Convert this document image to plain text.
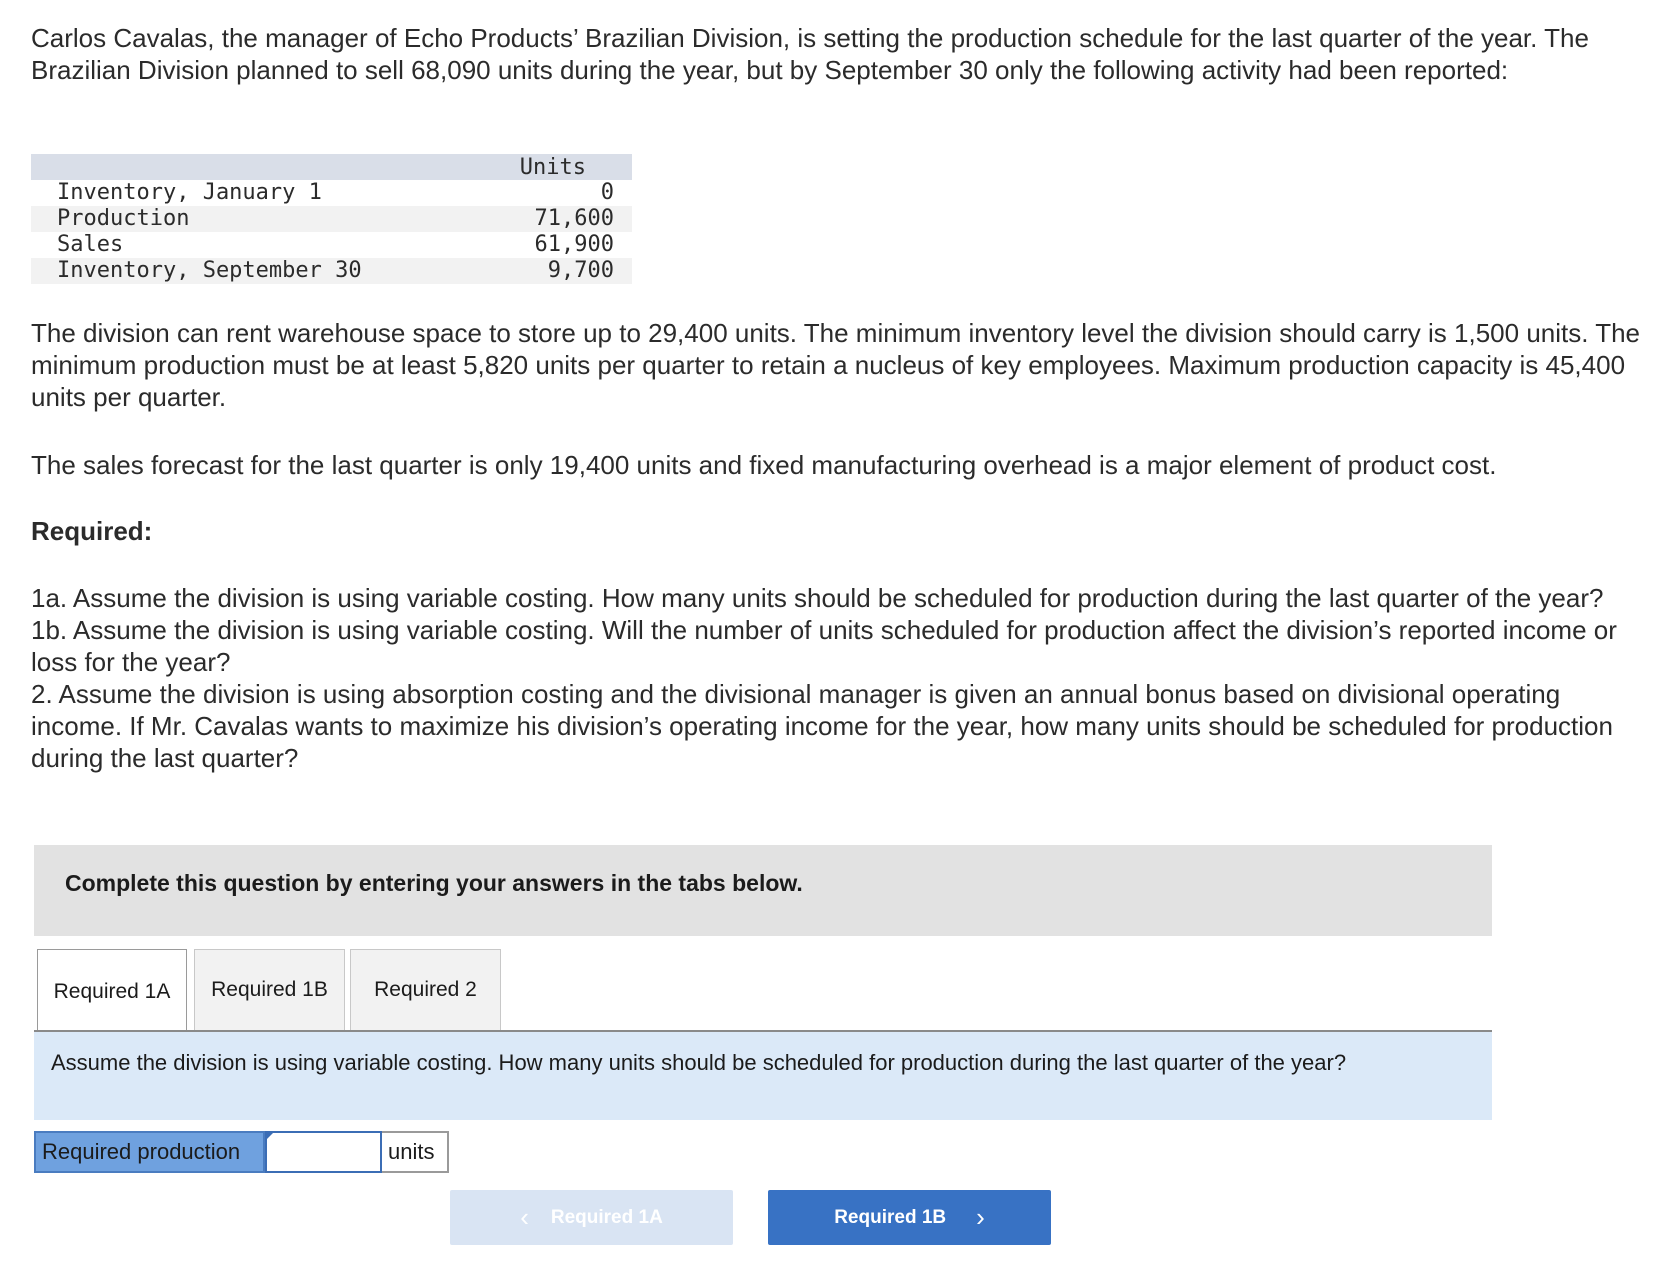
Carlos Cavalas, the manager of Echo Products’ Brazilian Division, is setting the production schedule for the last quarter of the year. The Brazilian Division planned to sell 68,090 units during the year, but by September 30 only the following activity had been reported:
Units
Inventory, January 1	0
Production	71,600
Sales	61,900
Inventory, September 30	9,700
The division can rent warehouse space to store up to 29,400 units. The minimum inventory level the division should carry is 1,500 units. The minimum production must be at least 5,820 units per quarter to retain a nucleus of key employees. Maximum production capacity is 45,400 units per quarter.
The sales forecast for the last quarter is only 19,400 units and fixed manufacturing overhead is a major element of product cost.
Required:
1a. Assume the division is using variable costing. How many units should be scheduled for production during the last quarter of the year?
1b. Assume the division is using variable costing. Will the number of units scheduled for production affect the division’s reported income or loss for the year?
2. Assume the division is using absorption costing and the divisional manager is given an annual bonus based on divisional operating income. If Mr. Cavalas wants to maximize his division’s operating income for the year, how many units should be scheduled for production during the last quarter?
Complete this question by entering your answers in the tabs below.
Required 1A	Required 1B	Required 2
Assume the division is using variable costing. How many units should be scheduled for production during the last quarter of the year?
Required production	units
‹ Required 1A	Required 1B ›
